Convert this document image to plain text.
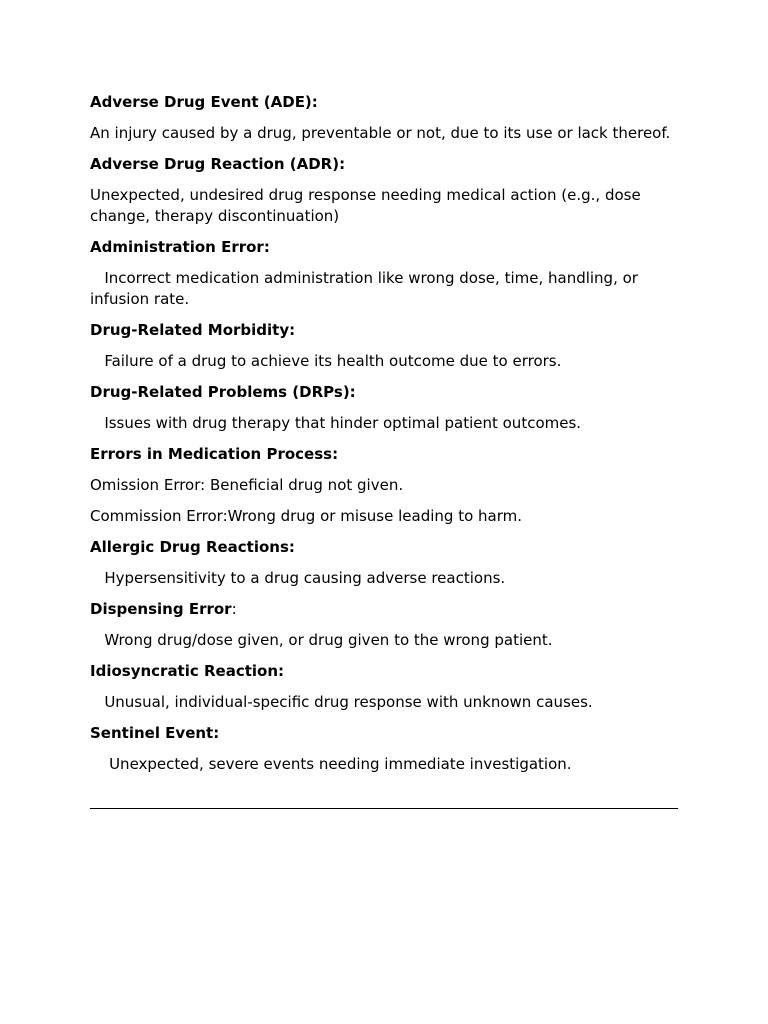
Adverse Drug Event (ADE):

An injury caused by a drug, preventable or not, due to its use or lack thereof.

Adverse Drug Reaction (ADR):

Unexpected, undesired drug response needing medical action (e.g., dose change, therapy discontinuation)

Administration Error:

Incorrect medication administration like wrong dose, time, handling, or infusion rate.

Drug-Related Morbidity:

Failure of a drug to achieve its health outcome due to errors.

Drug-Related Problems (DRPs):

Issues with drug therapy that hinder optimal patient outcomes.

Errors in Medication Process:

Omission Error: Beneficial drug not given.

Commission Error:Wrong drug or misuse leading to harm.

Allergic Drug Reactions:

Hypersensitivity to a drug causing adverse reactions.

Dispensing Error:

Wrong drug/dose given, or drug given to the wrong patient.

Idiosyncratic Reaction:

Unusual, individual-specific drug response with unknown causes.

Sentinel Event:

Unexpected, severe events needing immediate investigation.
